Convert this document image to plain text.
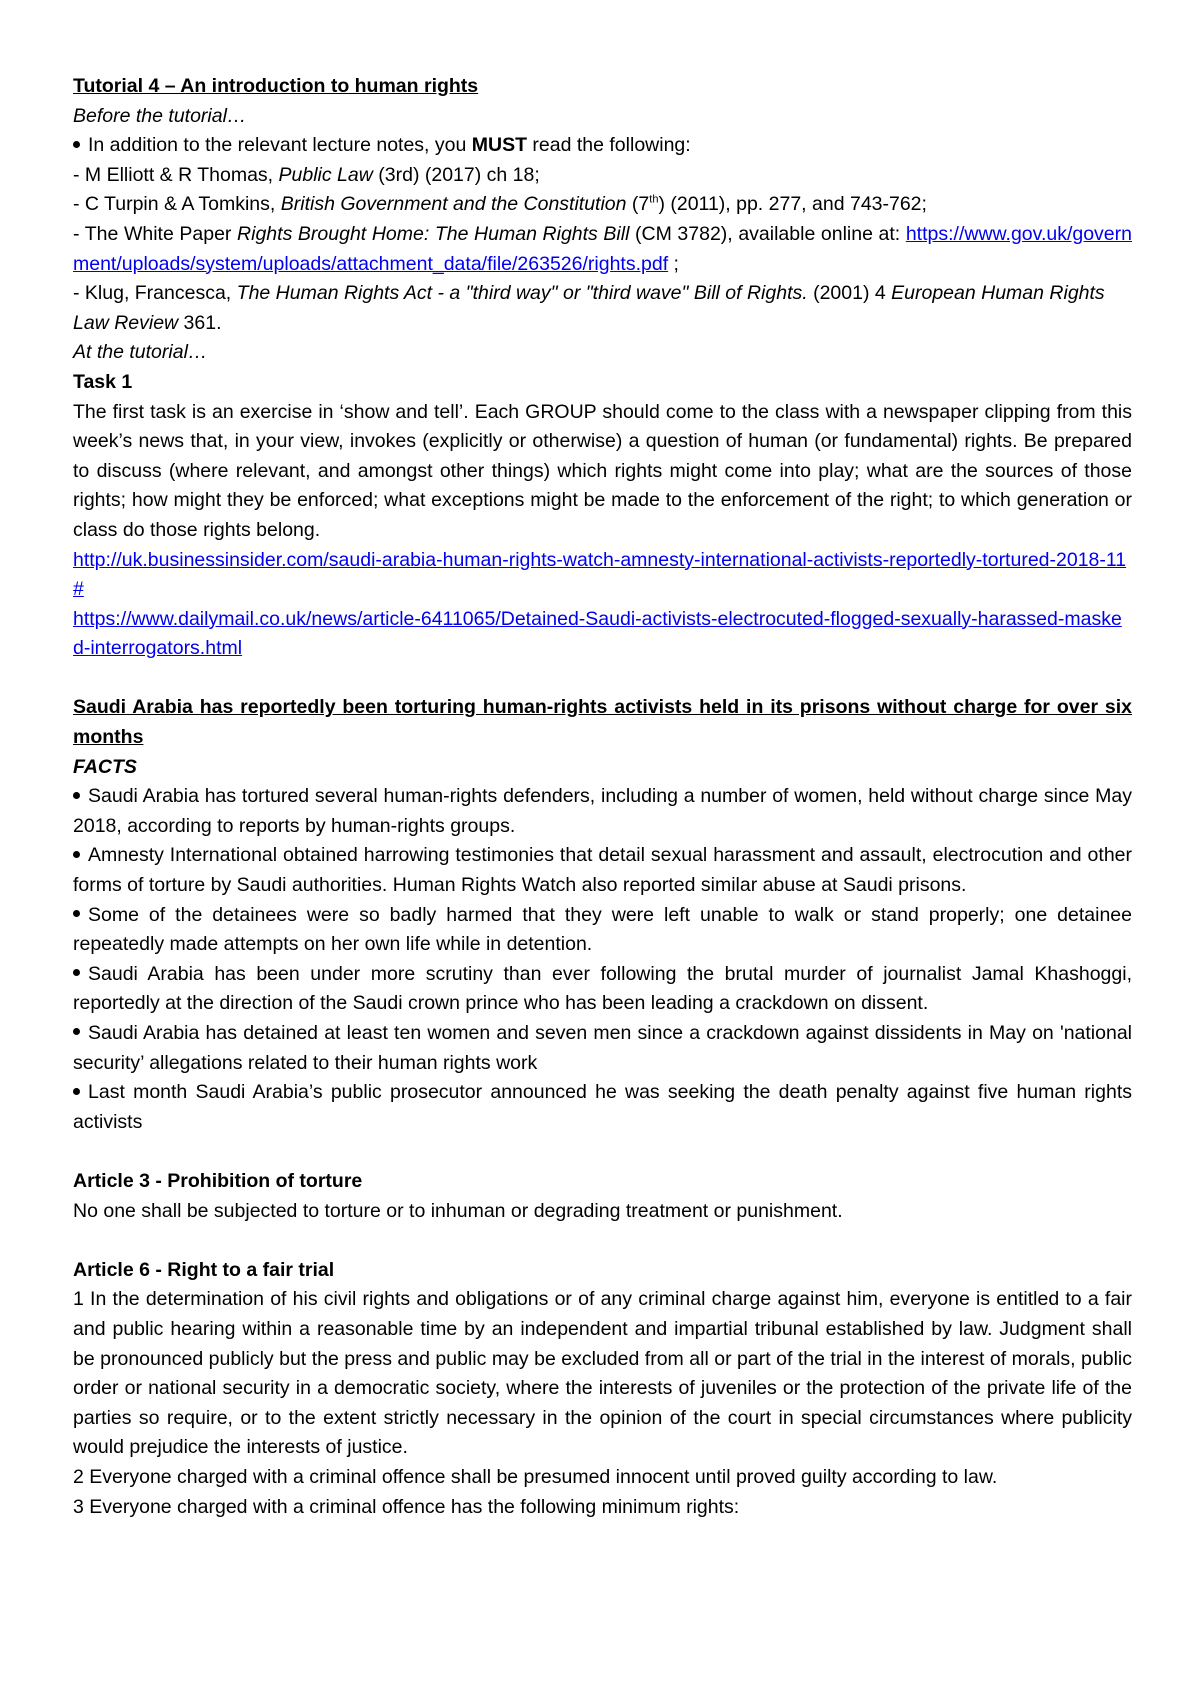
Tutorial 4 – An introduction to human rights

Before the tutorial…

In addition to the relevant lecture notes, you MUST read the following:

- M Elliott & R Thomas, Public Law (3rd) (2017) ch 18;

- C Turpin & A Tomkins, British Government and the Constitution (7th) (2011), pp. 277, and 743-762;

- The White Paper Rights Brought Home: The Human Rights Bill (CM 3782), available online at: https://www.gov.uk/government/uploads/system/uploads/attachment_data/file/263526/rights.pdf ;

- Klug, Francesca, The Human Rights Act - a "third way" or "third wave" Bill of Rights. (2001) 4 European Human Rights Law Review 361.

At the tutorial…

Task 1

The first task is an exercise in ‘show and tell’. Each GROUP should come to the class with a newspaper clipping from this week’s news that, in your view, invokes (explicitly or otherwise) a question of human (or fundamental) rights. Be prepared to discuss (where relevant, and amongst other things) which rights might come into play; what are the sources of those rights; how might they be enforced; what exceptions might be made to the enforcement of the right; to which generation or class do those rights belong.

http://uk.businessinsider.com/saudi-arabia-human-rights-watch-amnesty-international-activists-reportedly-tortured-2018-11#

https://www.dailymail.co.uk/news/article-6411065/Detained-Saudi-activists-electrocuted-flogged-sexually-harassed-masked-interrogators.html

Saudi Arabia has reportedly been torturing human-rights activists held in its prisons without charge for over six months

FACTS

Saudi Arabia has tortured several human-rights defenders, including a number of women, held without charge since May 2018, according to reports by human-rights groups.

Amnesty International obtained harrowing testimonies that detail sexual harassment and assault, electrocution and other forms of torture by Saudi authorities. Human Rights Watch also reported similar abuse at Saudi prisons.

Some of the detainees were so badly harmed that they were left unable to walk or stand properly; one detainee repeatedly made attempts on her own life while in detention.

Saudi Arabia has been under more scrutiny than ever following the brutal murder of journalist Jamal Khashoggi, reportedly at the direction of the Saudi crown prince who has been leading a crackdown on dissent.

Saudi Arabia has detained at least ten women and seven men since a crackdown against dissidents in May on 'national security’ allegations related to their human rights work

Last month Saudi Arabia’s public prosecutor announced he was seeking the death penalty against five human rights activists

Article 3 - Prohibition of torture

No one shall be subjected to torture or to inhuman or degrading treatment or punishment.

Article 6 - Right to a fair trial

1 In the determination of his civil rights and obligations or of any criminal charge against him, everyone is entitled to a fair and public hearing within a reasonable time by an independent and impartial tribunal established by law. Judgment shall be pronounced publicly but the press and public may be excluded from all or part of the trial in the interest of morals, public order or national security in a democratic society, where the interests of juveniles or the protection of the private life of the parties so require, or to the extent strictly necessary in the opinion of the court in special circumstances where publicity would prejudice the interests of justice.

2 Everyone charged with a criminal offence shall be presumed innocent until proved guilty according to law.

3 Everyone charged with a criminal offence has the following minimum rights:
